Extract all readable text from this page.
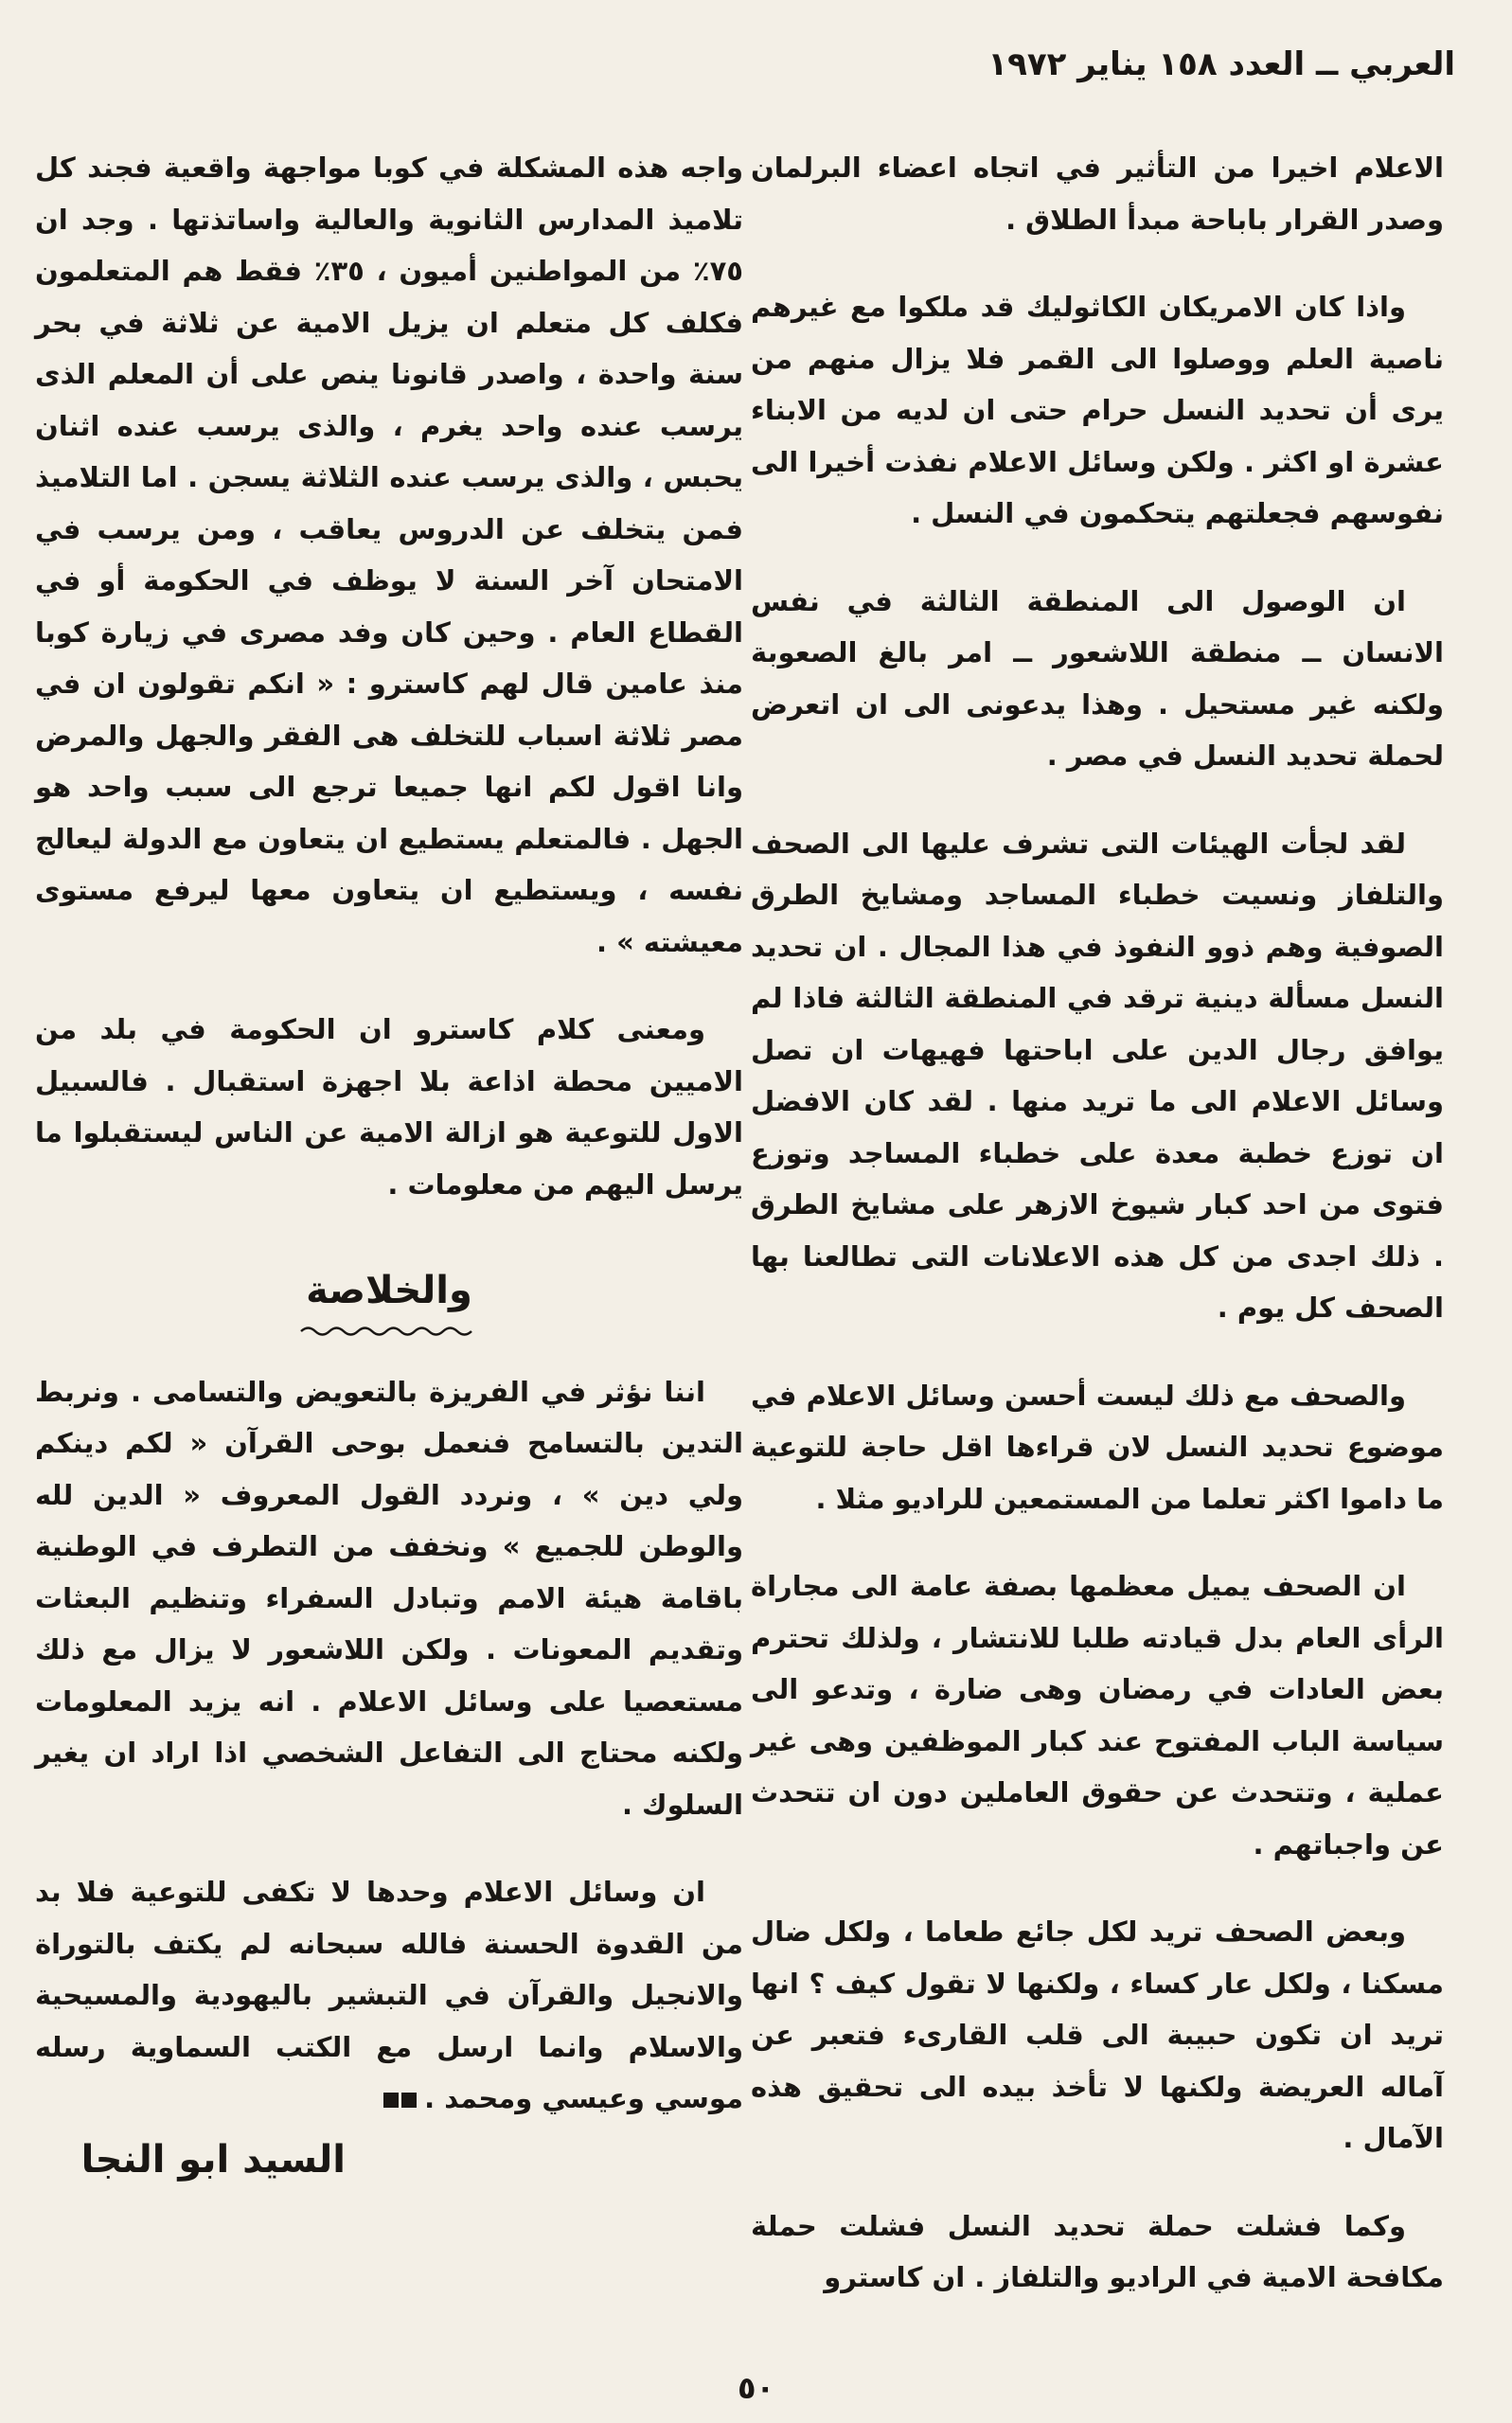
العربي ــ العدد ١٥٨ يناير ١٩٧٢

الاعلام اخيرا من التأثير في اتجاه اعضاء البرلمان وصدر القرار باباحة مبدأ الطلاق .

واذا كان الامريكان الكاثوليك قد ملكوا مع غيرهم ناصية العلم ووصلوا الى القمر فلا يزال منهم من يرى أن تحديد النسل حرام حتى ان لديه من الابناء عشرة او اكثر . ولكن وسائل الاعلام نفذت أخيرا الى نفوسهم فجعلتهم يتحكمون في النسل .

ان الوصول الى المنطقة الثالثة في نفس الانسان ــ منطقة اللاشعور ــ امر بالغ الصعوبة ولكنه غير مستحيل . وهذا يدعونى الى ان اتعرض لحملة تحديد النسل في مصر .

لقد لجأت الهيئات التى تشرف عليها الى الصحف والتلفاز ونسيت خطباء المساجد ومشايخ الطرق الصوفية وهم ذوو النفوذ في هذا المجال . ان تحديد النسل مسألة دينية ترقد في المنطقة الثالثة فاذا لم يوافق رجال الدين على اباحتها فهيهات ان تصل وسائل الاعلام الى ما تريد منها . لقد كان الافضل ان توزع خطبة معدة على خطباء المساجد وتوزع فتوى من احد كبار شيوخ الازهر على مشايخ الطرق . ذلك اجدى من كل هذه الاعلانات التى تطالعنا بها الصحف كل يوم .

والصحف مع ذلك ليست أحسن وسائل الاعلام في موضوع تحديد النسل لان قراءها اقل حاجة للتوعية ما داموا اكثر تعلما من المستمعين للراديو مثلا .

ان الصحف يميل معظمها بصفة عامة الى مجاراة الرأى العام بدل قيادته طلبا للانتشار ، ولذلك تحترم بعض العادات في رمضان وهى ضارة ، وتدعو الى سياسة الباب المفتوح عند كبار الموظفين وهى غير عملية ، وتتحدث عن حقوق العاملين دون ان تتحدث عن واجباتهم .

وبعض الصحف تريد لكل جائع طعاما ، ولكل ضال مسكنا ، ولكل عار كساء ، ولكنها لا تقول كيف ؟ انها تريد ان تكون حبيبة الى قلب القارىء فتعبر عن آماله العريضة ولكنها لا تأخذ بيده الى تحقيق هذه الآمال .

وكما فشلت حملة تحديد النسل فشلت حملة مكافحة الامية في الراديو والتلفاز . ان كاسترو

واجه هذه المشكلة في كوبا مواجهة واقعية فجند كل تلاميذ المدارس الثانوية والعالية واساتذتها . وجد ان ٧٥٪ من المواطنين أميون ، ٣٥٪ فقط هم المتعلمون فكلف كل متعلم ان يزيل الامية عن ثلاثة في بحر سنة واحدة ، واصدر قانونا ينص على أن المعلم الذى يرسب عنده واحد يغرم ، والذى يرسب عنده اثنان يحبس ، والذى يرسب عنده الثلاثة يسجن . اما التلاميذ فمن يتخلف عن الدروس يعاقب ، ومن يرسب في الامتحان آخر السنة لا يوظف في الحكومة أو في القطاع العام . وحين كان وفد مصرى في زيارة كوبا منذ عامين قال لهم كاسترو : « انكم تقولون ان في مصر ثلاثة اسباب للتخلف هى الفقر والجهل والمرض وانا اقول لكم انها جميعا ترجع الى سبب واحد هو الجهل . فالمتعلم يستطيع ان يتعاون مع الدولة ليعالج نفسه ، ويستطيع ان يتعاون معها ليرفع مستوى معيشته » .

ومعنى كلام كاسترو ان الحكومة في بلد من الاميين محطة اذاعة بلا اجهزة استقبال . فالسبيل الاول للتوعية هو ازالة الامية عن الناس ليستقبلوا ما يرسل اليهم من معلومات .

والخلاصة

اننا نؤثر في الفريزة بالتعويض والتسامى . ونربط التدين بالتسامح فنعمل بوحى القرآن « لكم دينكم ولي دين » ، ونردد القول المعروف « الدين لله والوطن للجميع » ونخفف من التطرف في الوطنية باقامة هيئة الامم وتبادل السفراء وتنظيم البعثات وتقديم المعونات . ولكن اللاشعور لا يزال مع ذلك مستعصيا على وسائل الاعلام . انه يزيد المعلومات ولكنه محتاج الى التفاعل الشخصي اذا اراد ان يغير السلوك .

ان وسائل الاعلام وحدها لا تكفى للتوعية فلا بد من القدوة الحسنة فالله سبحانه لم يكتف بالتوراة والانجيل والقرآن في التبشير باليهودية والمسيحية والاسلام وانما ارسل مع الكتب السماوية رسله موسي وعيسي ومحمد .

السيد ابو النجا

٥٠
